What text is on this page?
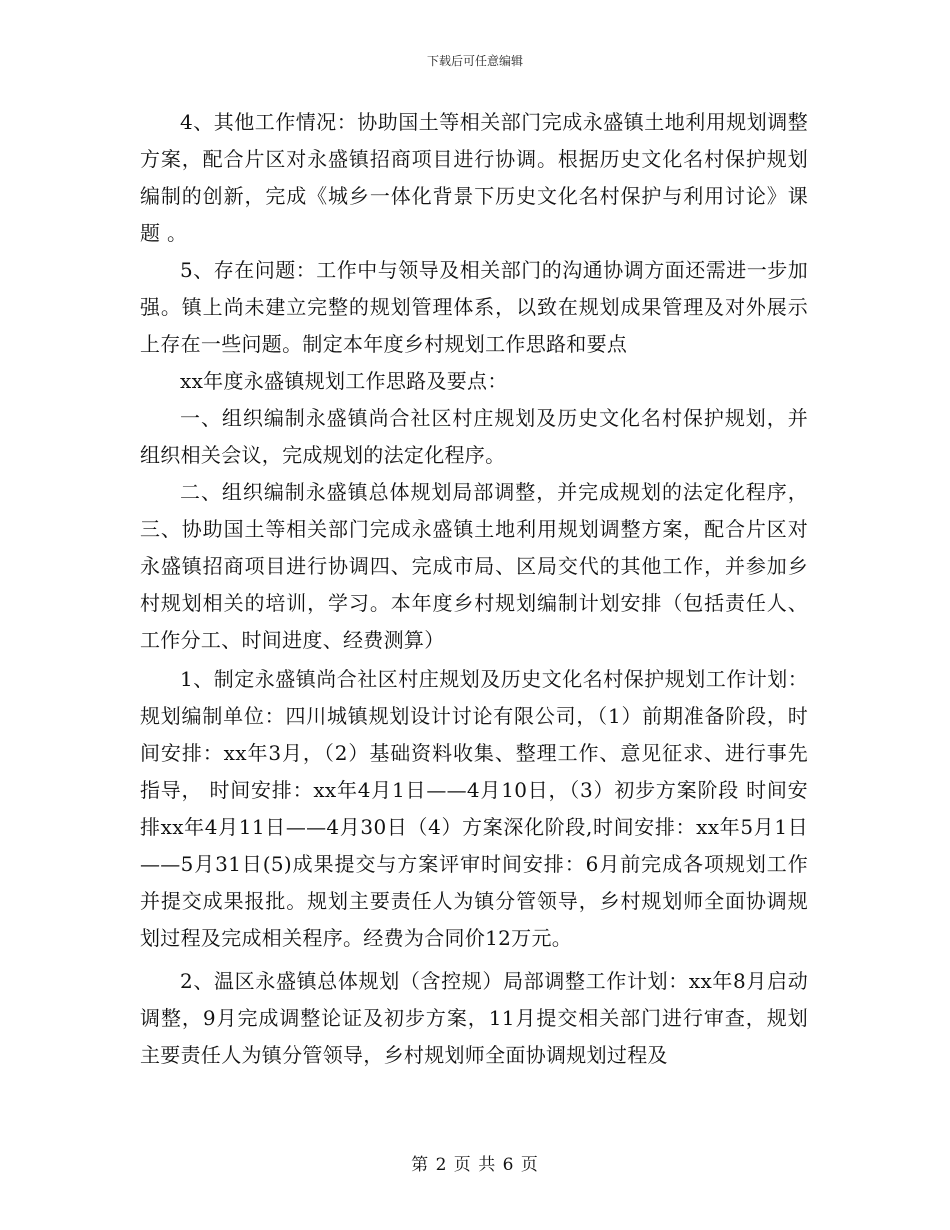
下载后可任意编辑

4、其他工作情况：协助国土等相关部门完成永盛镇土地利用规划调整方案，配合片区对永盛镇招商项目进行协调。根据历史文化名村保护规划编制的创新，完成《城乡一体化背景下历史文化名村保护与利用讨论》课题 。

5、存在问题：工作中与领导及相关部门的沟通协调方面还需进一步加强。镇上尚未建立完整的规划管理体系，以致在规划成果管理及对外展示上存在一些问题。制定本年度乡村规划工作思路和要点

xx年度永盛镇规划工作思路及要点：

一、组织编制永盛镇尚合社区村庄规划及历史文化名村保护规划，并组织相关会议，完成规划的法定化程序。

二、组织编制永盛镇总体规划局部调整，并完成规划的法定化程序，三、协助国土等相关部门完成永盛镇土地利用规划调整方案，配合片区对永盛镇招商项目进行协调四、完成市局、区局交代的其他工作，并参加乡村规划相关的培训，学习。本年度乡村规划编制计划安排（包括责任人、工作分工、时间进度、经费测算）

1、制定永盛镇尚合社区村庄规划及历史文化名村保护规划工作计划：规划编制单位：四川城镇规划设计讨论有限公司，（1）前期准备阶段，时间安排：xx年3月，（2）基础资料收集、整理工作、意见征求、进行事先指导， 时间安排：xx年4月1日——4月10日，（3）初步方案阶段 时间安排xx年4月11日——4月30日（4）方案深化阶段,时间安排：xx年5月1日——5月31日(5)成果提交与方案评审时间安排：6月前完成各项规划工作并提交成果报批。规划主要责任人为镇分管领导，乡村规划师全面协调规划过程及完成相关程序。经费为合同价12万元。

2、温区永盛镇总体规划（含控规）局部调整工作计划：xx年8月启动调整，9月完成调整论证及初步方案，11月提交相关部门进行审查，规划主要责任人为镇分管领导，乡村规划师全面协调规划过程及

第 2 页 共 6 页
